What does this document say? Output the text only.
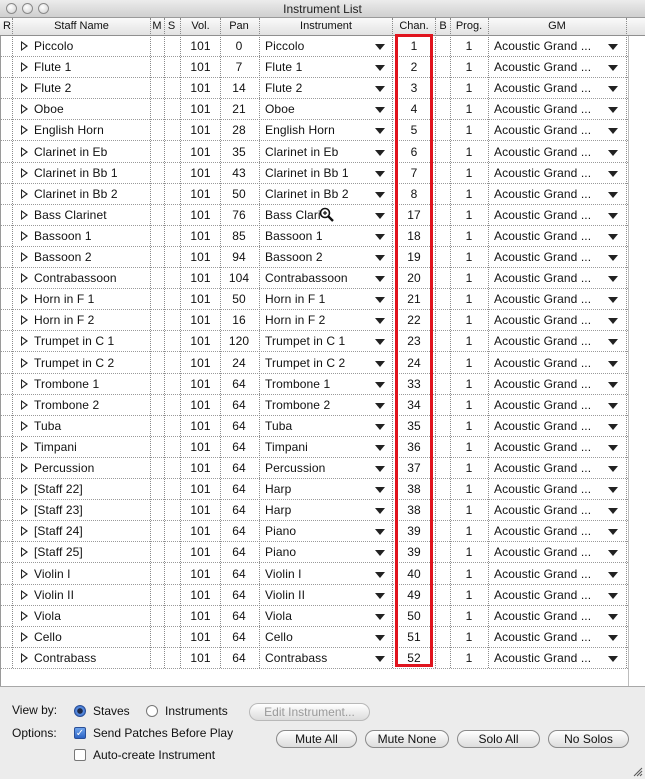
Instrument List
R	Staff Name	M S	Vol.	Pan	Instrument	Chan. B Prog.	GM
Piccolo	101	0	Piccolo	1	1	Acoustic Grand ...
Flute 1	101	7	Flute 1	2	1	Acoustic Grand ...
Flute 2	101	14	Flute 2	3	1	Acoustic Grand ...
Oboe	101	21	Oboe	4	1	Acoustic Grand ...
English Horn	101	28	English Horn	5	1	Acoustic Grand ...
Clarinet in Eb	101	35	Clarinet in Eb	6	1	Acoustic Grand ...
Clarinet in Bb 1	101	43	Clarinet in Bb 1	7	1	Acoustic Grand ...
Clarinet in Bb 2	101	50	Clarinet in Bb 2	8	1	Acoustic Grand ...
Bass Clarinet	101	76	Bass Clari	17	1	Acoustic Grand ...
Bassoon 1	101	85	Bassoon 1	18	1	Acoustic Grand ...
Bassoon 2	101	94	Bassoon 2	19	1	Acoustic Grand ...
Contrabassoon	101	104	Contrabassoon	20	1	Acoustic Grand ...
Horn in F 1	101	50	Horn in F 1	21	1	Acoustic Grand ...
Horn in F 2	101	16	Horn in F 2	22	1	Acoustic Grand ...
Trumpet in C 1	101	120	Trumpet in C 1	23	1	Acoustic Grand ...
Trumpet in C 2	101	24	Trumpet in C 2	24	1	Acoustic Grand ...
Trombone 1	101	64	Trombone 1	33	1	Acoustic Grand ...
Trombone 2	101	64	Trombone 2	34	1	Acoustic Grand ...
Tuba	101	64	Tuba	35	1	Acoustic Grand ...
Timpani	101	64	Timpani	36	1	Acoustic Grand ...
Percussion	101	64	Percussion	37	1	Acoustic Grand ...
[Staff 22]	101	64	Harp	38	1	Acoustic Grand ...
[Staff 23]	101	64	Harp	38	1	Acoustic Grand ...
[Staff 24]	101	64	Piano	39	1	Acoustic Grand ...
[Staff 25]	101	64	Piano	39	1	Acoustic Grand ...
Violin I	101	64	Violin I	40	1	Acoustic Grand ...
Violin II	101	64	Violin II	49	1	Acoustic Grand ...
Viola	101	64	Viola	50	1	Acoustic Grand ...
Cello	101	64	Cello	51	1	Acoustic Grand ...
Contrabass	101	64	Contrabass	52	1	Acoustic Grand ...
View by:	Staves	Instruments	Edit Instrument...
Options: ✓ Send Patches Before Play
Auto-create Instrument
Mute All	Mute None	Solo All	No Solos
